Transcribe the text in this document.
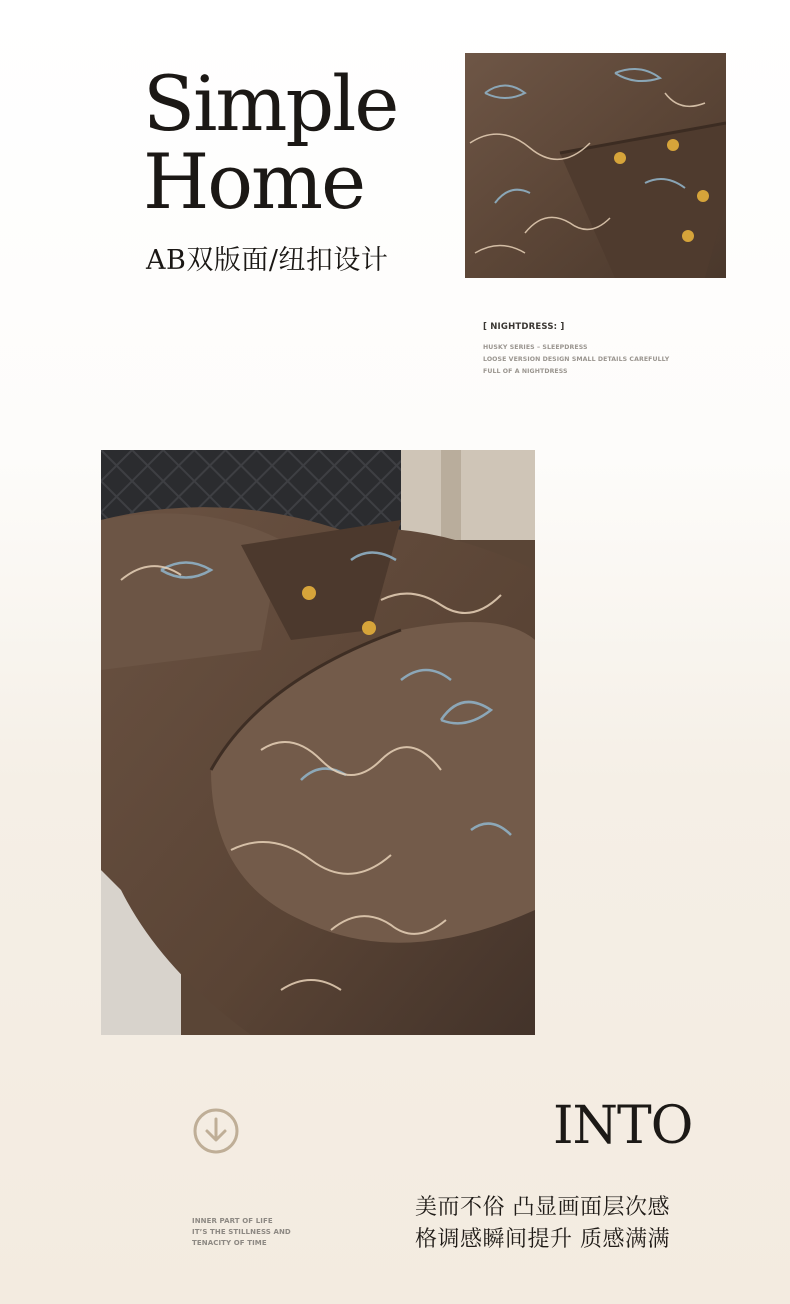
Simple
Home
AB双版面/纽扣设计
[ NIGHTDRESS: ]
HUSKY SERIES – SLEEPDRESS
LOOSE VERSION DESIGN SMALL DETAILS CAREFULLY
FULL OF A NIGHTDRESS
INNER PART OF LIFE
IT’S THE STILLNESS AND
TENACITY OF TIME
INTO
美而不俗 凸显画面层次感
格调感瞬间提升 质感满满
